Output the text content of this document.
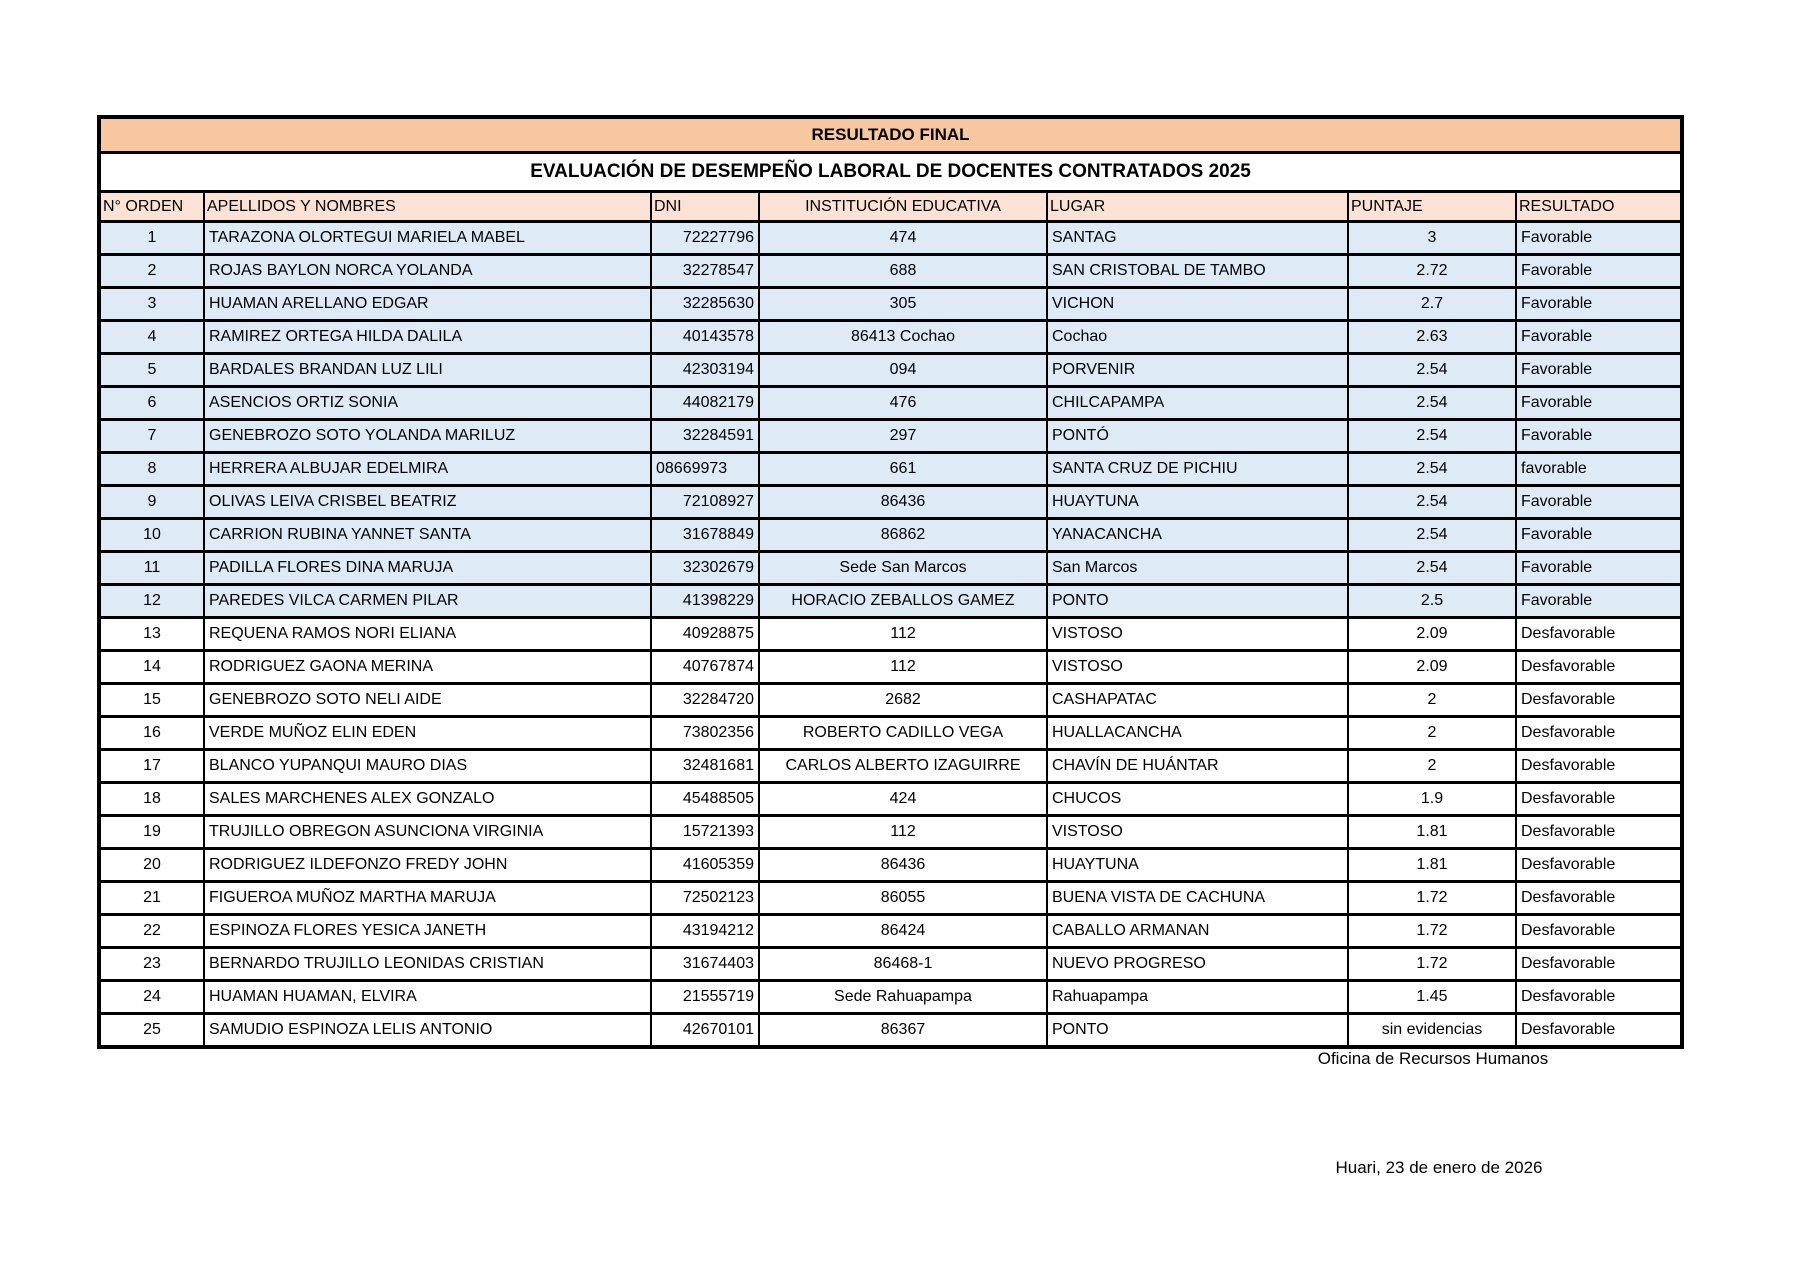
RESULTADO FINAL						
EVALUACIÓN DE DESEMPEÑO LABORAL DE DOCENTES CONTRATADOS 2025						
N° ORDEN	APELLIDOS Y NOMBRES	DNI	INSTITUCIÓN EDUCATIVA	LUGAR	PUNTAJE	RESULTADO
1	TARAZONA OLORTEGUI MARIELA MABEL	72227796	474	SANTAG	3	Favorable
2	ROJAS BAYLON NORCA YOLANDA	32278547	688	SAN CRISTOBAL DE TAMBO	2.72	Favorable
3	HUAMAN ARELLANO EDGAR	32285630	305	VICHON	2.7	Favorable
4	RAMIREZ ORTEGA HILDA DALILA	40143578	86413 Cochao	Cochao	2.63	Favorable
5	BARDALES BRANDAN LUZ LILI	42303194	094	PORVENIR	2.54	Favorable
6	ASENCIOS ORTIZ SONIA	44082179	476	CHILCAPAMPA	2.54	Favorable
7	GENEBROZO SOTO YOLANDA MARILUZ	32284591	297	PONTÓ	2.54	Favorable
8	HERRERA ALBUJAR EDELMIRA	08669973	661	SANTA CRUZ DE PICHIU	2.54	favorable
9	OLIVAS LEIVA CRISBEL BEATRIZ	72108927	86436	HUAYTUNA	2.54	Favorable
10	CARRION RUBINA YANNET SANTA	31678849	86862	YANACANCHA	2.54	Favorable
11	PADILLA FLORES DINA MARUJA	32302679	Sede San Marcos	San Marcos	2.54	Favorable
12	PAREDES VILCA CARMEN PILAR	41398229	HORACIO ZEBALLOS GAMEZ	PONTO	2.5	Favorable
13	REQUENA RAMOS NORI ELIANA	40928875	112	VISTOSO	2.09	Desfavorable
14	RODRIGUEZ GAONA MERINA	40767874	112	VISTOSO	2.09	Desfavorable
15	GENEBROZO SOTO NELI AIDE	32284720	2682	CASHAPATAC	2	Desfavorable
16	VERDE MUÑOZ ELIN EDEN	73802356	ROBERTO CADILLO VEGA	HUALLACANCHA	2	Desfavorable
17	BLANCO YUPANQUI MAURO DIAS	32481681	CARLOS ALBERTO IZAGUIRRE	CHAVÍN DE HUÁNTAR	2	Desfavorable
18	SALES MARCHENES ALEX GONZALO	45488505	424	CHUCOS	1.9	Desfavorable
19	TRUJILLO OBREGON ASUNCIONA VIRGINIA	15721393	112	VISTOSO	1.81	Desfavorable
20	RODRIGUEZ ILDEFONZO FREDY JOHN	41605359	86436	HUAYTUNA	1.81	Desfavorable
21	FIGUEROA MUÑOZ MARTHA MARUJA	72502123	86055	BUENA VISTA DE CACHUNA	1.72	Desfavorable
22	ESPINOZA FLORES YESICA JANETH	43194212	86424	CABALLO ARMANAN	1.72	Desfavorable
23	BERNARDO TRUJILLO LEONIDAS CRISTIAN	31674403	86468-1	NUEVO PROGRESO	1.72	Desfavorable
24	HUAMAN HUAMAN, ELVIRA	21555719	Sede Rahuapampa	Rahuapampa	1.45	Desfavorable
25	SAMUDIO ESPINOZA LELIS ANTONIO	42670101	86367	PONTO	sin evidencias	Desfavorable
Oficina de Recursos Humanos
Huari, 23 de enero de 2026
